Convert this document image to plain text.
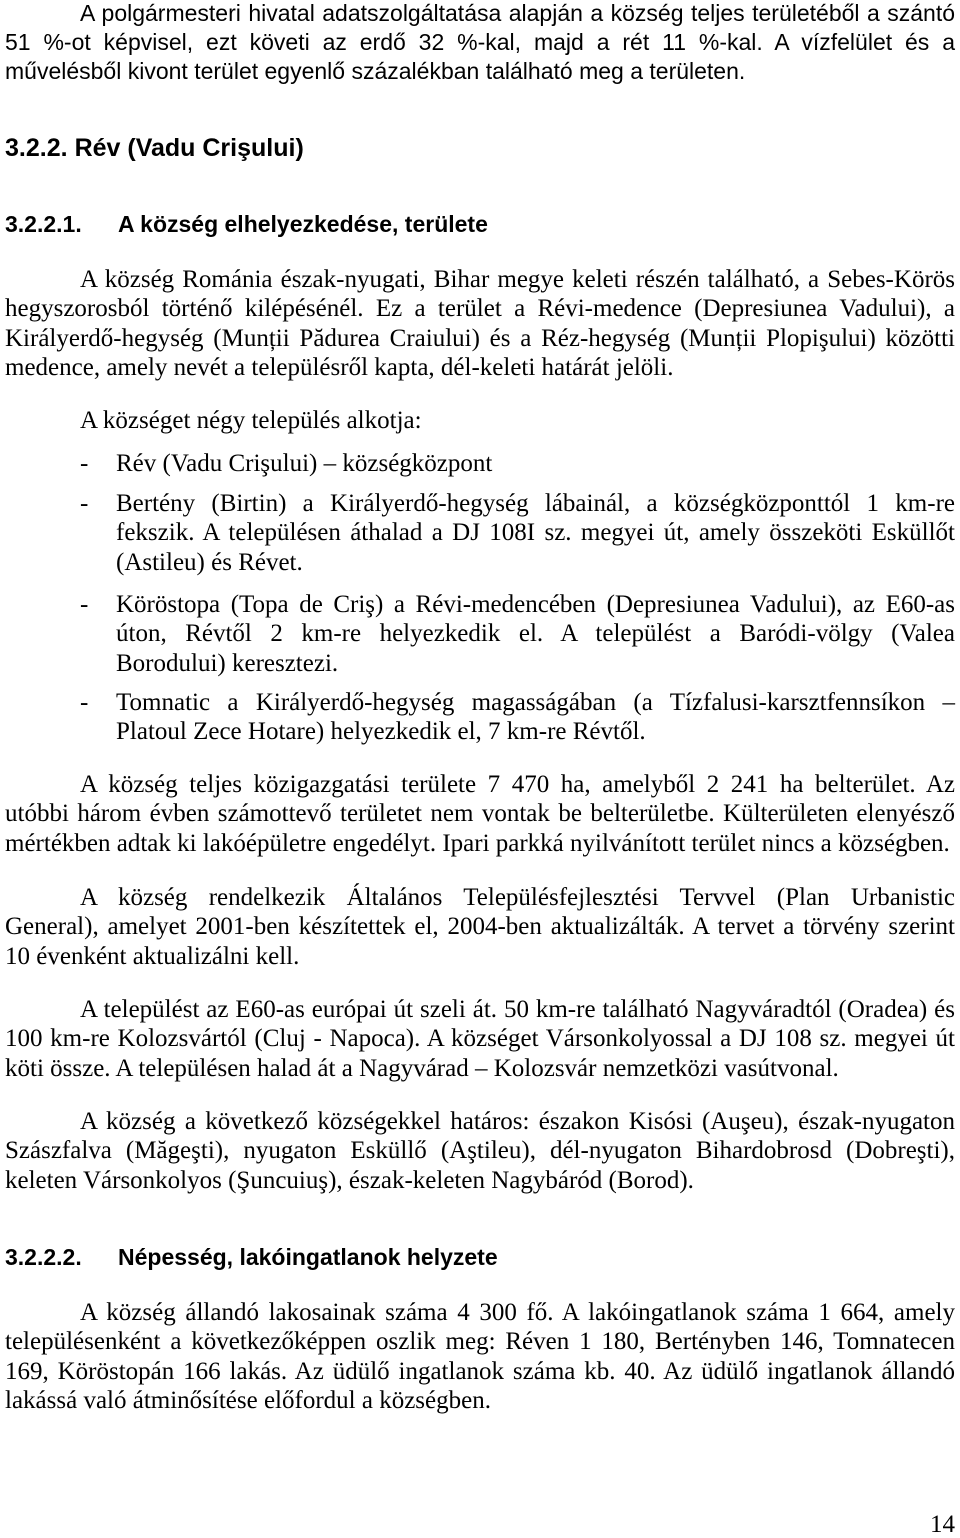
A polgármesteri hivatal adatszolgáltatása alapján a község teljes területéből a szántó
51 %-ot képvisel, ezt követi az erdő 32 %-kal, majd a rét 11 %-kal. A vízfelület és a
művelésből kivont terület egyenlő százalékban található meg a területen.
3.2.2. Rév (Vadu Crişului)
3.2.2.1. A község elhelyezkedése, területe
A község Románia észak-nyugati, Bihar megye keleti részén található, a Sebes-Körös
hegyszorosból történő kilépésénél. Ez a terület a Révi-medence (Depresiunea Vadului), a
Királyerdő-hegység (Munții Pădurea Craiului) és a Réz-hegység (Munții Plopişului) közötti
medence, amely nevét a településről kapta, dél-keleti határát jelöli.
A községet négy település alkotja:
- Rév (Vadu Crişului) – községközpont
- Bertény (Birtin) a Királyerdő-hegység lábainál, a községközponttól 1 km-re
fekszik. A településen áthalad a DJ 108I sz. megyei út, amely összeköti Esküllőt
(Astileu) és Révet.
- Köröstopa (Topa de Criş) a Révi-medencében (Depresiunea Vadului), az E60-as
úton, Révtől 2 km-re helyezkedik el. A települést a Baródi-völgy (Valea
Borodului) keresztezi.
- Tomnatic a Királyerdő-hegység magasságában (a Tízfalusi-karsztfennsíkon –
Platoul Zece Hotare) helyezkedik el, 7 km-re Révtől.
A község teljes közigazgatási területe 7 470 ha, amelyből 2 241 ha belterület. Az
utóbbi három évben számottevő területet nem vontak be belterületbe. Külterületen elenyésző
mértékben adtak ki lakóépületre engedélyt. Ipari parkká nyilvánított terület nincs a községben.
A község rendelkezik Általános Településfejlesztési Tervvel (Plan Urbanistic
General), amelyet 2001-ben készítettek el, 2004-ben aktualizálták. A tervet a törvény szerint
10 évenként aktualizálni kell.
A települést az E60-as európai út szeli át. 50 km-re található Nagyváradtól (Oradea) és
100 km-re Kolozsvártól (Cluj - Napoca). A községet Vársonkolyossal a DJ 108 sz. megyei út
köti össze. A településen halad át a Nagyvárad – Kolozsvár nemzetközi vasútvonal.
A község a következő községekkel határos: északon Kisósi (Auşeu), észak-nyugaton
Szászfalva (Măgeşti), nyugaton Esküllő (Aştileu), dél-nyugaton Bihardobrosd (Dobreşti),
keleten Vársonkolyos (Şuncuiuş), észak-keleten Nagybáród (Borod).
3.2.2.2. Népesség, lakóingatlanok helyzete
A község állandó lakosainak száma 4 300 fő. A lakóingatlanok száma 1 664, amely
településenként a következőképpen oszlik meg: Réven 1 180, Bertényben 146, Tomnatecen
169, Köröstopán 166 lakás. Az üdülő ingatlanok száma kb. 40. Az üdülő ingatlanok állandó
lakássá való átminősítése előfordul a községben.
14
